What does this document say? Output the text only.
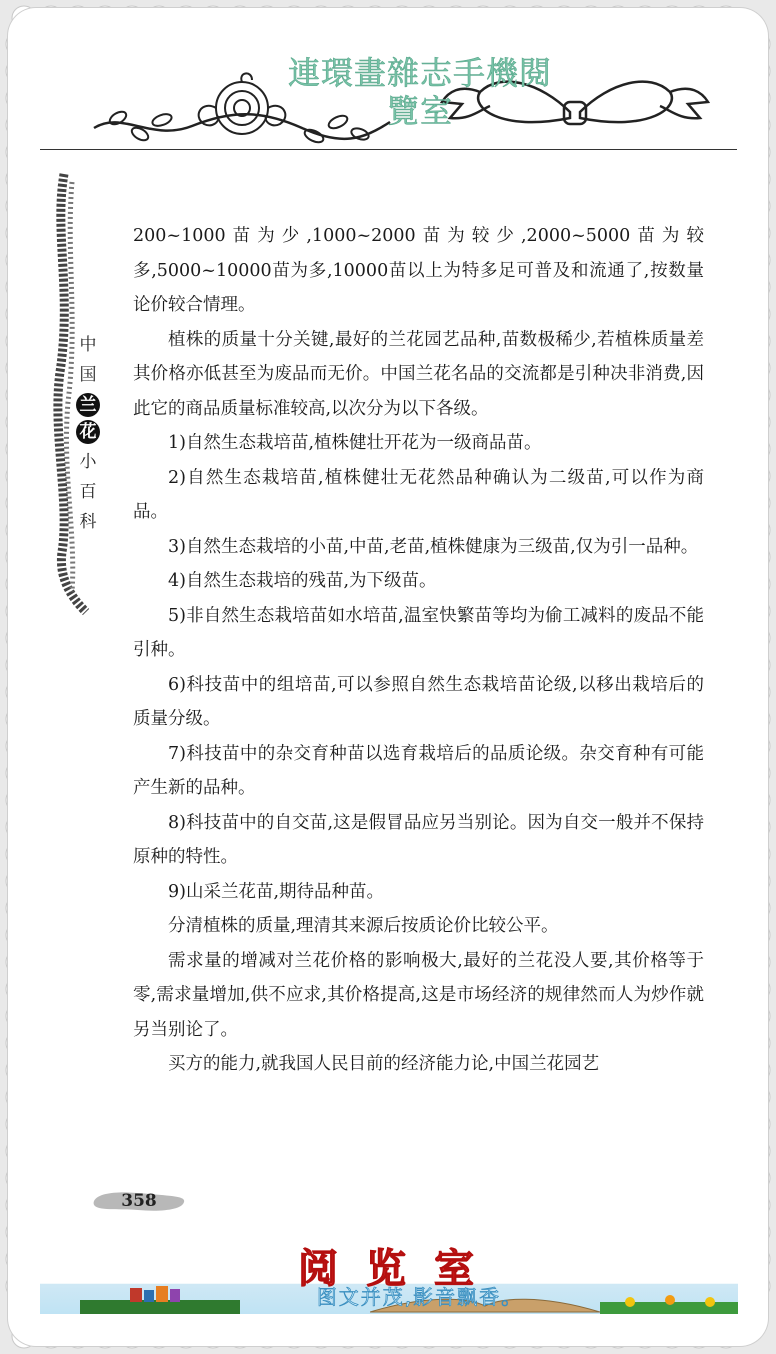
連環畫雜志手機閱
覽室
中
国
兰
花
小
百
科

200~1000苗为少,1000~2000苗为较少,2000~5000苗为较多,5000~10000苗为多,10000苗以上为特多足可普及和流通了,按数量论价较合情理。

植株的质量十分关键,最好的兰花园艺品种,苗数极稀少,若植株质量差其价格亦低甚至为废品而无价。中国兰花名品的交流都是引种决非消费,因此它的商品质量标准较高,以次分为以下各级。

1)自然生态栽培苗,植株健壮开花为一级商品苗。

2)自然生态栽培苗,植株健壮无花然品种确认为二级苗,可以作为商品。

3)自然生态栽培的小苗,中苗,老苗,植株健康为三级苗,仅为引一品种。

4)自然生态栽培的残苗,为下级苗。

5)非自然生态栽培苗如水培苗,温室快繁苗等均为偷工减料的废品不能引种。

6)科技苗中的组培苗,可以参照自然生态栽培苗论级,以移出栽培后的质量分级。

7)科技苗中的杂交育种苗以选育栽培后的品质论级。杂交育种有可能产生新的品种。

8)科技苗中的自交苗,这是假冒品应另当别论。因为自交一般并不保持原种的特性。

9)山采兰花苗,期待品种苗。

分清植株的质量,理清其来源后按质论价比较公平。

需求量的增减对兰花价格的影响极大,最好的兰花没人要,其价格等于零,需求量增加,供不应求,其价格提高,这是市场经济的规律然而人为炒作就另当别论了。

买方的能力,就我国人民目前的经济能力论,中国兰花园艺

358
阅览室
图文并茂,影音飘香。
